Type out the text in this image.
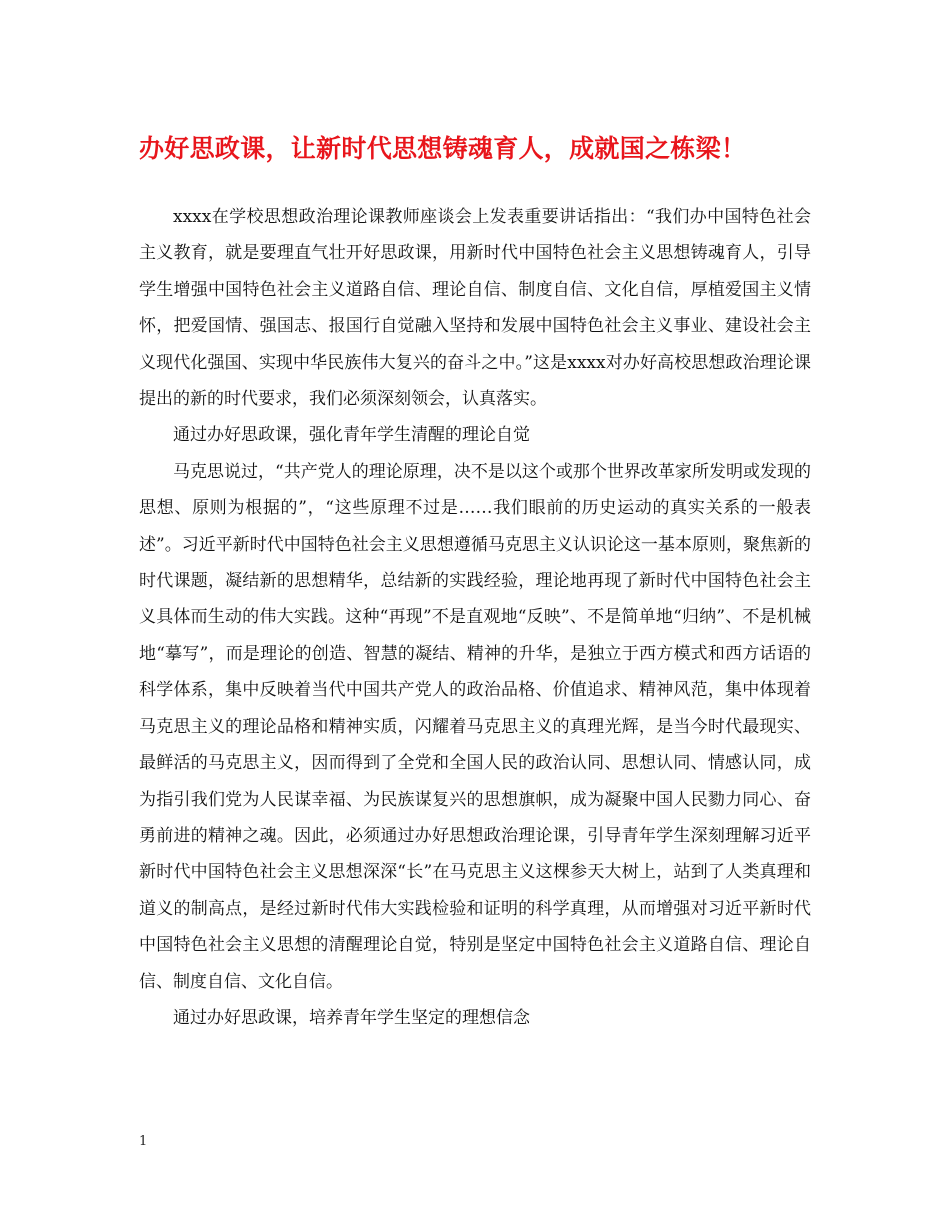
办好思政课，让新时代思想铸魂育人，成就国之栋梁！

xxxx在学校思想政治理论课教师座谈会上发表重要讲话指出：“我们办中国特色社会主义教育，就是要理直气壮开好思政课，用新时代中国特色社会主义思想铸魂育人，引导学生增强中国特色社会主义道路自信、理论自信、制度自信、文化自信，厚植爱国主义情怀，把爱国情、强国志、报国行自觉融入坚持和发展中国特色社会主义事业、建设社会主义现代化强国、实现中华民族伟大复兴的奋斗之中。”这是xxxx对办好高校思想政治理论课提出的新的时代要求，我们必须深刻领会，认真落实。

通过办好思政课，强化青年学生清醒的理论自觉

马克思说过，“共产党人的理论原理，决不是以这个或那个世界改革家所发明或发现的思想、原则为根据的”，“这些原理不过是……我们眼前的历史运动的真实关系的一般表述”。习近平新时代中国特色社会主义思想遵循马克思主义认识论这一基本原则，聚焦新的时代课题，凝结新的思想精华，总结新的实践经验，理论地再现了新时代中国特色社会主义具体而生动的伟大实践。这种“再现”不是直观地“反映”、不是简单地“归纳”、不是机械地“摹写”，而是理论的创造、智慧的凝结、精神的升华，是独立于西方模式和西方话语的科学体系，集中反映着当代中国共产党人的政治品格、价值追求、精神风范，集中体现着马克思主义的理论品格和精神实质，闪耀着马克思主义的真理光辉，是当今时代最现实、最鲜活的马克思主义，因而得到了全党和全国人民的政治认同、思想认同、情感认同，成为指引我们党为人民谋幸福、为民族谋复兴的思想旗帜，成为凝聚中国人民勠力同心、奋勇前进的精神之魂。因此，必须通过办好思想政治理论课，引导青年学生深刻理解习近平新时代中国特色社会主义思想深深“长”在马克思主义这棵参天大树上，站到了人类真理和道义的制高点，是经过新时代伟大实践检验和证明的科学真理，从而增强对习近平新时代中国特色社会主义思想的清醒理论自觉，特别是坚定中国特色社会主义道路自信、理论自信、制度自信、文化自信。

通过办好思政课，培养青年学生坚定的理想信念

1
